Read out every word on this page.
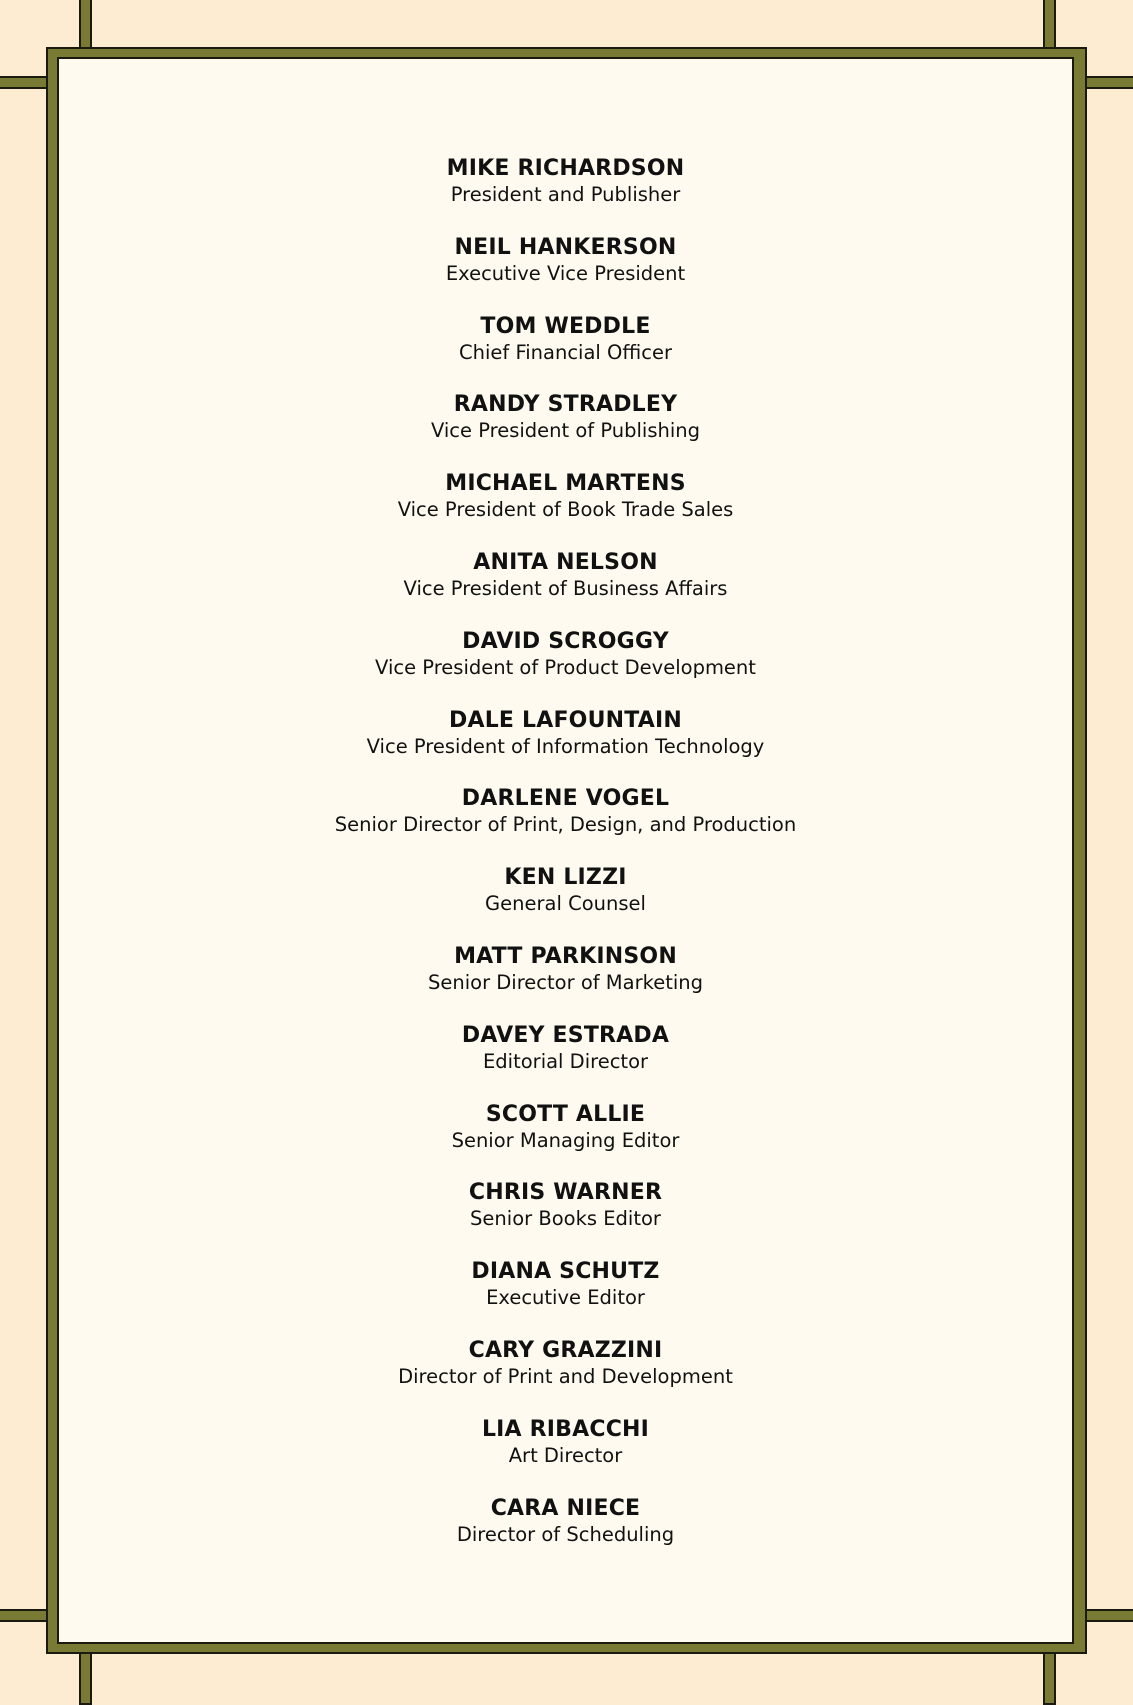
MIKE RICHARDSON
President and Publisher
NEIL HANKERSON
Executive Vice President
TOM WEDDLE
Chief Financial Officer
RANDY STRADLEY
Vice President of Publishing
MICHAEL MARTENS
Vice President of Book Trade Sales
ANITA NELSON
Vice President of Business Affairs
DAVID SCROGGY
Vice President of Product Development
DALE LAFOUNTAIN
Vice President of Information Technology
DARLENE VOGEL
Senior Director of Print, Design, and Production
KEN LIZZI
General Counsel
MATT PARKINSON
Senior Director of Marketing
DAVEY ESTRADA
Editorial Director
SCOTT ALLIE
Senior Managing Editor
CHRIS WARNER
Senior Books Editor
DIANA SCHUTZ
Executive Editor
CARY GRAZZINI
Director of Print and Development
LIA RIBACCHI
Art Director
CARA NIECE
Director of Scheduling
